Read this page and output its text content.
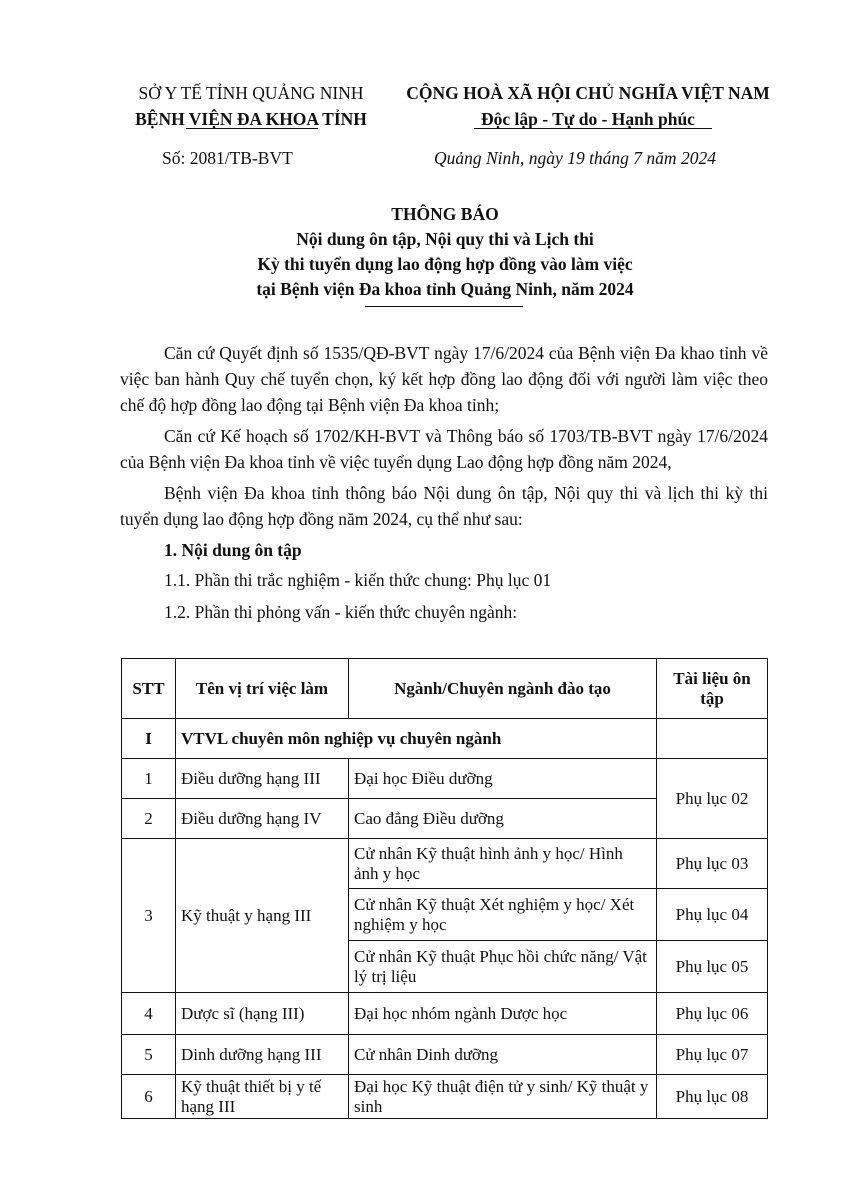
SỞ Y TẾ TỈNH QUẢNG NINH
BỆNH VIỆN ĐA KHOA TỈNH
CỘNG HOÀ XÃ HỘI CHỦ NGHĨA VIỆT NAM
Độc lập - Tự do - Hạnh phúc
Số: 2081/TB-BVT	Quảng Ninh, ngày 19 tháng 7 năm 2024
THÔNG BÁO
Nội dung ôn tập, Nội quy thi và Lịch thi
Kỳ thi tuyển dụng lao động hợp đồng vào làm việc
tại Bệnh viện Đa khoa tỉnh Quảng Ninh, năm 2024

Căn cứ Quyết định số 1535/QĐ-BVT ngày 17/6/2024 của Bệnh viện Đa khao tỉnh về việc ban hành Quy chế tuyển chọn, ký kết hợp đồng lao động đối với người làm việc theo chế độ hợp đồng lao động tại Bệnh viện Đa khoa tỉnh;

Căn cứ Kế hoạch số 1702/KH-BVT và Thông báo số 1703/TB-BVT ngày 17/6/2024 của Bệnh viện Đa khoa tỉnh về việc tuyển dụng Lao động hợp đồng năm 2024,

Bệnh viện Đa khoa tỉnh thông báo Nội dung ôn tập, Nội quy thi và lịch thi kỳ thi tuyển dụng lao động hợp đồng năm 2024, cụ thể như sau:

1. Nội dung ôn tập
1.1. Phần thi trắc nghiệm - kiến thức chung: Phụ lục 01
1.2. Phần thi phỏng vấn - kiến thức chuyên ngành:
STT	Tên vị trí việc làm	Ngành/Chuyên ngành đào tạo	Tài liệu ôn tập
I	VTVL chuyên môn nghiệp vụ chuyên ngành		
1	Điều dưỡng hạng III	Đại học Điều dưỡng	Phụ lục 02
2	Điều dưỡng hạng IV	Cao đẳng Điều dưỡng	
3	Kỹ thuật y hạng III	Cử nhân Kỹ thuật hình ảnh y học/ Hình ảnh y học	Phụ lục 03
		Cử nhân Kỹ thuật Xét nghiệm y học/ Xét nghiệm y học	Phụ lục 04
		Cử nhân Kỹ thuật Phục hồi chức năng/ Vật lý trị liệu	Phụ lục 05
4	Dược sĩ (hạng III)	Đại học nhóm ngành Dược học	Phụ lục 06
5	Dinh dưỡng hạng III	Cử nhân Dinh dưỡng	Phụ lục 07
6	Kỹ thuật thiết bị y tế hạng III	Đại học Kỹ thuật điện tử y sinh/ Kỹ thuật y sinh	Phụ lục 08
